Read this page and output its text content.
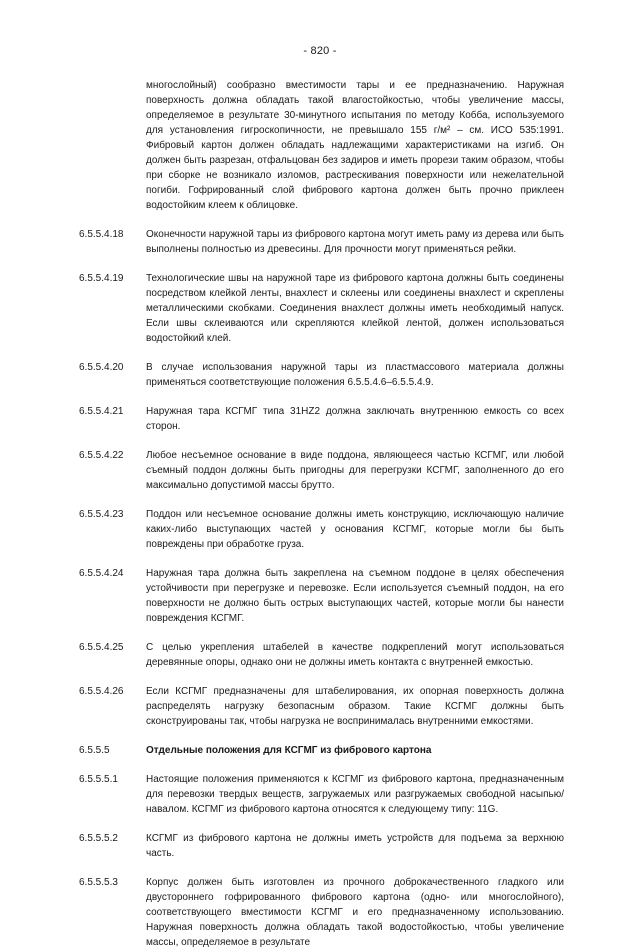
- 820 -

многослойный) сообразно вместимости тары и ее предназначению. Наружная поверхность должна обладать такой влагостойкостью, чтобы увеличение массы, определяемое в результате 30-минутного испытания по методу Кобба, используемого для установления гигроскопичности, не превышало 155 г/м² – см. ИСО 535:1991. Фибровый картон должен обладать надлежащими характеристиками на изгиб. Он должен быть разрезан, отфальцован без задиров и иметь прорези таким образом, чтобы при сборке не возникало изломов, растрескивания поверхности или нежелательной погиби. Гофрированный слой фибрового картона должен быть прочно приклеен водостойким клеем к облицовке.

6.5.5.4.18	Оконечности наружной тары из фибрового картона могут иметь раму из дерева или быть выполнены полностью из древесины. Для прочности могут применяться рейки.
6.5.5.4.19	Технологические швы на наружной таре из фибрового картона должны быть соединены посредством клейкой ленты, внахлест и склеены или соединены внахлест и скреплены металлическими скобками. Соединения внахлест должны иметь необходимый напуск. Если швы склеиваются или скрепляются клейкой лентой, должен использоваться водостойкий клей.
6.5.5.4.20	В случае использования наружной тары из пластмассового материала должны применяться соответствующие положения 6.5.5.4.6–6.5.5.4.9.
6.5.5.4.21	Наружная тара КСГМГ типа 31HZ2 должна заключать внутреннюю емкость со всех сторон.
6.5.5.4.22	Любое несъемное основание в виде поддона, являющееся частью КСГМГ, или любой съемный поддон должны быть пригодны для перегрузки КСГМГ, заполненного до его максимально допустимой массы брутто.
6.5.5.4.23	Поддон или несъемное основание должны иметь конструкцию, исключающую наличие каких-либо выступающих частей у основания КСГМГ, которые могли бы быть повреждены при обработке груза.
6.5.5.4.24	Наружная тара должна быть закреплена на съемном поддоне в целях обеспечения устойчивости при перегрузке и перевозке. Если используется съемный поддон, на его поверхности не должно быть острых выступающих частей, которые могли бы нанести повреждения КСГМГ.
6.5.5.4.25	С целью укрепления штабелей в качестве подкреплений могут использоваться деревянные опоры, однако они не должны иметь контакта с внутренней емкостью.
6.5.5.4.26	Если КСГМГ предназначены для штабелирования, их опорная поверхность должна распределять нагрузку безопасным образом. Такие КСГМГ должны быть сконструированы так, чтобы нагрузка не воспринималась внутренними емкостями.
6.5.5.5	Отдельные положения для КСГМГ из фибрового картона
6.5.5.5.1	Настоящие положения применяются к КСГМГ из фибрового картона, предназначенным для перевозки твердых веществ, загружаемых или разгружаемых свободной насыпью/навалом. КСГМГ из фибрового картона относятся к следующему типу: 11G.
6.5.5.5.2	КСГМГ из фибрового картона не должны иметь устройств для подъема за верхнюю часть.
6.5.5.5.3	Корпус должен быть изготовлен из прочного доброкачественного гладкого или двустороннего гофрированного фибрового картона (одно- или многослойного), соответствующего вместимости КСГМГ и его предназначенному использованию. Наружная поверхность должна обладать такой водостойкостью, чтобы увеличение массы, определяемое в результате
